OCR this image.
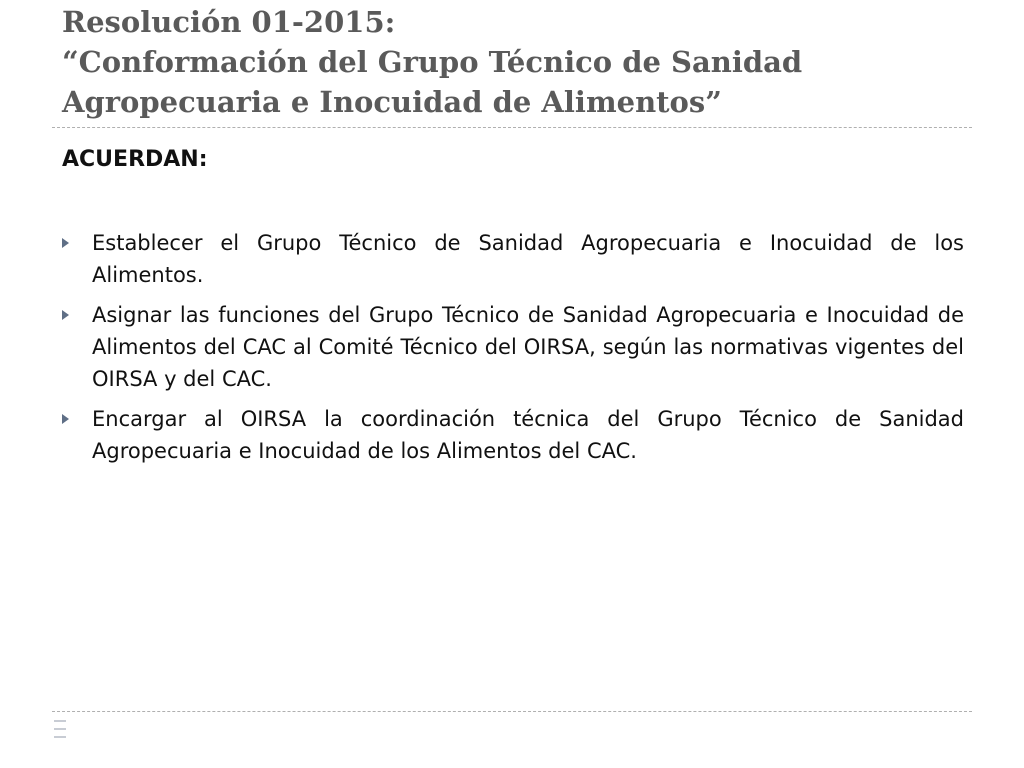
Resolución 01-2015:
“Conformación del Grupo Técnico de Sanidad
Agropecuaria e Inocuidad de Alimentos”
ACUERDAN:
Establecer el Grupo Técnico de Sanidad Agropecuaria e Inocuidad de los Alimentos.
Asignar las funciones del Grupo Técnico de Sanidad Agropecuaria e Inocuidad de Alimentos del CAC al Comité Técnico del OIRSA, según las normativas vigentes del OIRSA y del CAC.
Encargar al OIRSA la coordinación técnica del Grupo Técnico de Sanidad Agropecuaria e Inocuidad de los Alimentos del CAC.
